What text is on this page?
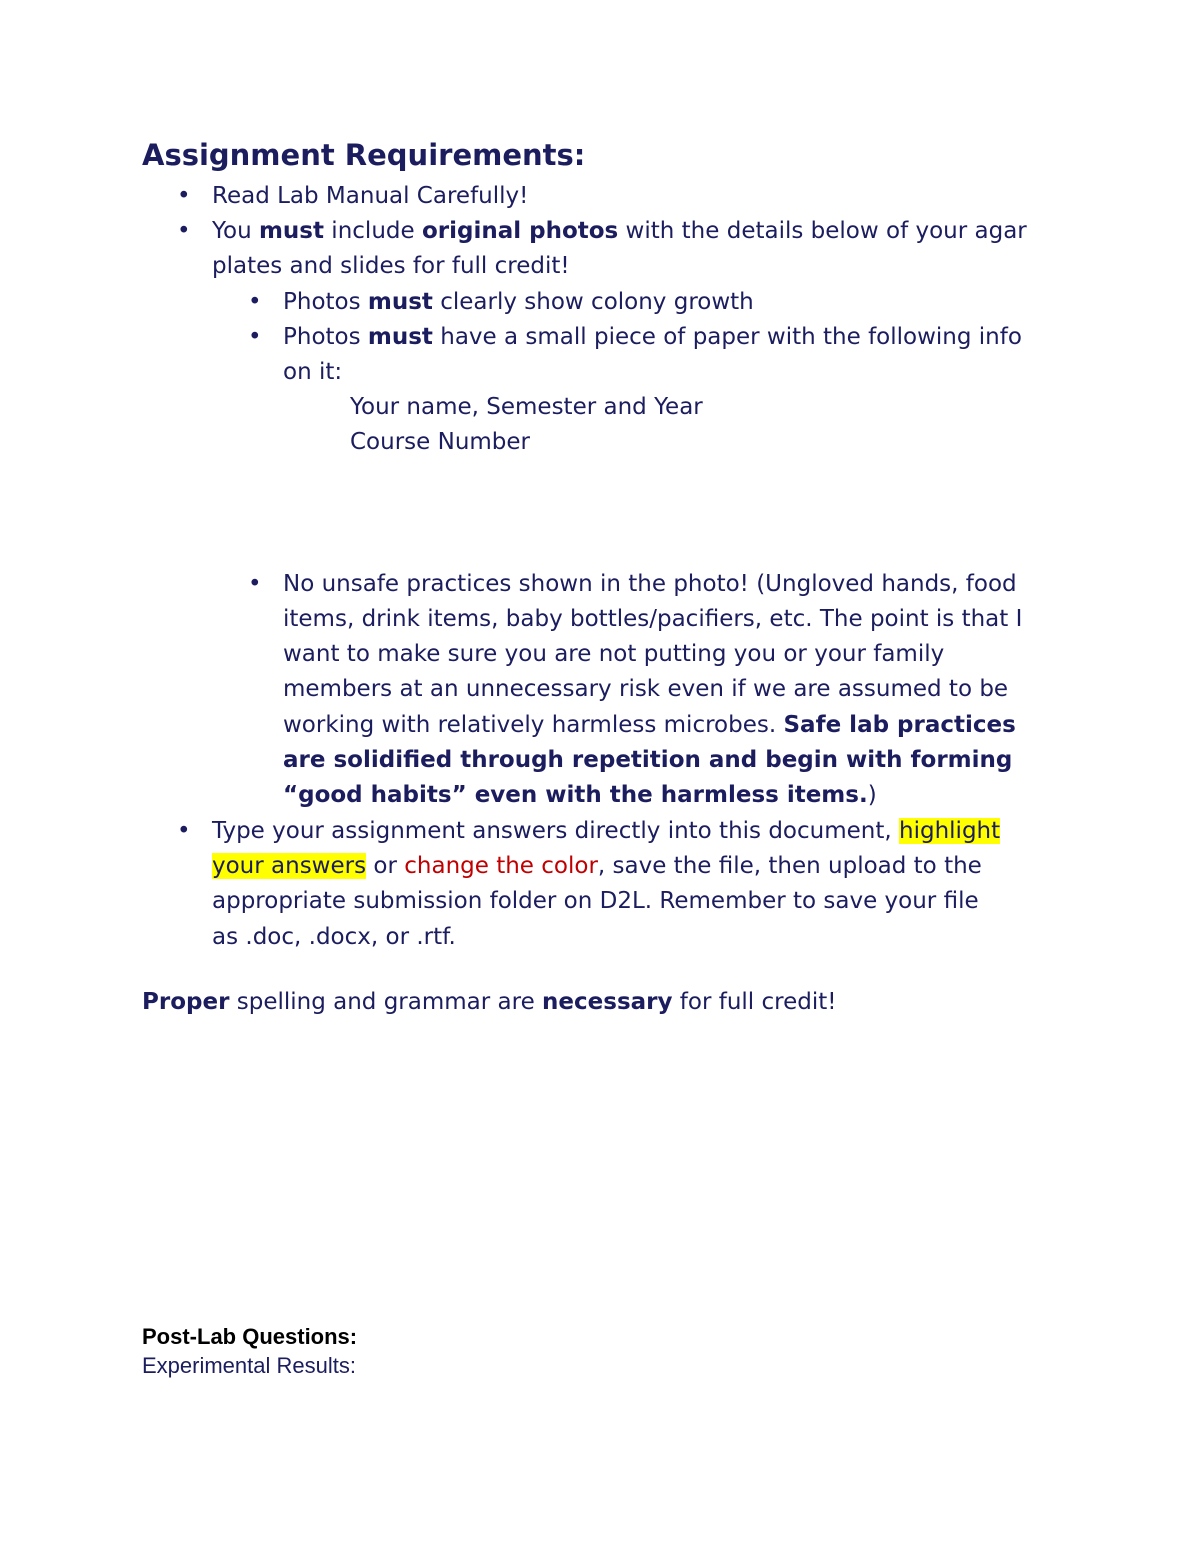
Assignment Requirements:
• Read Lab Manual Carefully!

• You must include original photos with the details below of your agar

plates and slides for full credit!

• Photos must clearly show colony growth

• Photos must have a small piece of paper with the following info

on it:

Your name, Semester and Year
Course Number
• No unsafe practices shown in the photo! (Ungloved hands, food

items, drink items, baby bottles/pacifiers, etc. The point is that I

want to make sure you are not putting you or your family

members at an unnecessary risk even if we are assumed to be

working with relatively harmless microbes. Safe lab practices

are solidified through repetition and begin with forming

“good habits” even with the harmless items.)

• Type your assignment answers directly into this document, highlight

your answers or change the color, save the file, then upload to the

appropriate submission folder on D2L. Remember to save your file

as .doc, .docx, or .rtf.

Proper spelling and grammar are necessary for full credit!

Post-Lab Questions:
Experimental Results:
